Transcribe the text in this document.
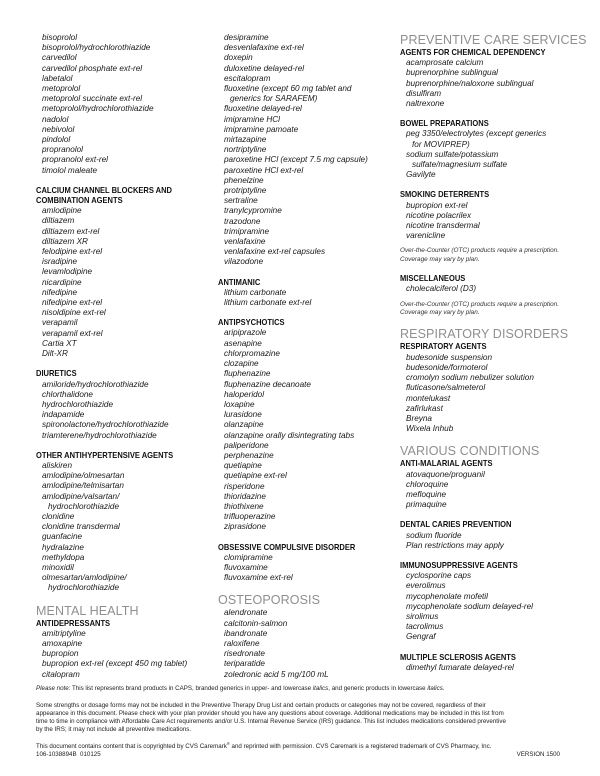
bisoprolol
bisoprolol/hydrochlorothiazide
carvedilol
carvedilol phosphate ext-rel
labetalol
metoprolol
metoprolol succinate ext-rel
metoprolol/hydrochlorothiazide
nadolol
nebivolol
pindolol
propranolol
propranolol ext-rel
timolol maleate
CALCIUM CHANNEL BLOCKERS AND
COMBINATION AGENTS
amlodipine
diltiazem
diltiazem ext-rel
diltiazem XR
felodipine ext-rel
isradipine
levamlodipine
nicardipine
nifedipine
nifedipine ext-rel
nisoldipine ext-rel
verapamil
verapamil ext-rel
Cartia XT
Dilt-XR
DIURETICS
amiloride/hydrochlorothiazide
chlorthalidone
hydrochlorothiazide
indapamide
spironolactone/hydrochlorothiazide
triamterene/hydrochlorothiazide
OTHER ANTIHYPERTENSIVE AGENTS
aliskiren
amlodipine/olmesartan
amlodipine/telmisartan
amlodipine/valsartan/
hydrochlorothiazide
clonidine
clonidine transdermal
guanfacine
hydralazine
methyldopa
minoxidil
olmesartan/amlodipine/
hydrochlorothiazide
MENTAL HEALTH
ANTIDEPRESSANTS
amitriptyline
amoxapine
bupropion
bupropion ext-rel (except 450 mg tablet)
citalopram
desipramine
desvenlafaxine ext-rel
doxepin
duloxetine delayed-rel
escitalopram
fluoxetine (except 60 mg tablet and
generics for SARAFEM)
fluoxetine delayed-rel
imipramine HCl
imipramine pamoate
mirtazapine
nortriptyline
paroxetine HCl (except 7.5 mg capsule)
paroxetine HCl ext-rel
phenelzine
protriptyline
sertraline
tranylcypromine
trazodone
trimipramine
venlafaxine
venlafaxine ext-rel capsules
vilazodone
ANTIMANIC
lithium carbonate
lithium carbonate ext-rel
ANTIPSYCHOTICS
aripiprazole
asenapine
chlorpromazine
clozapine
fluphenazine
fluphenazine decanoate
haloperidol
loxapine
lurasidone
olanzapine
olanzapine orally disintegrating tabs
paliperidone
perphenazine
quetiapine
quetiapine ext-rel
risperidone
thioridazine
thiothixene
trifluoperazine
ziprasidone
OBSESSIVE COMPULSIVE DISORDER
clomipramine
fluvoxamine
fluvoxamine ext-rel
OSTEOPOROSIS
alendronate
calcitonin-salmon
ibandronate
raloxifene
risedronate
teriparatide
zoledronic acid 5 mg/100 mL
PREVENTIVE CARE SERVICES
AGENTS FOR CHEMICAL DEPENDENCY
acamprosate calcium
buprenorphine sublingual
buprenorphine/naloxone sublingual
disulfiram
naltrexone
BOWEL PREPARATIONS
peg 3350/electrolytes (except generics
for MOVIPREP)
sodium sulfate/potassium
sulfate/magnesium sulfate
Gavilyte
SMOKING DETERRENTS
bupropion ext-rel
nicotine polacrilex
nicotine transdermal
varenicline
Over-the-Counter (OTC) products require a prescription.
Coverage may vary by plan.
MISCELLANEOUS
cholecalciferol (D3)
Over-the-Counter (OTC) products require a prescription.
Coverage may vary by plan.
RESPIRATORY DISORDERS
RESPIRATORY AGENTS
budesonide suspension
budesonide/formoterol
cromolyn sodium nebulizer solution
fluticasone/salmeterol
montelukast
zafirlukast
Breyna
Wixela Inhub
VARIOUS CONDITIONS
ANTI-MALARIAL AGENTS
atovaquone/proguanil
chloroquine
mefloquine
primaquine
DENTAL CARIES PREVENTION
sodium fluoride
Plan restrictions may apply
IMMUNOSUPPRESSIVE AGENTS
cyclosporine caps
everolimus
mycophenolate mofetil
mycophenolate sodium delayed-rel
sirolimus
tacrolimus
Gengraf
MULTIPLE SCLEROSIS AGENTS
dimethyl fumarate delayed-rel

Please note: This list represents brand products in CAPS, branded generics in upper- and lowercase italics, and generic products in lowercase italics.

Some strengths or dosage forms may not be included in the Preventive Therapy Drug List and certain products or categories may not be covered, regardless of their

appearance in this document. Please check with your plan provider should you have any questions about coverage. Additional medications may be included in this list from

time to time in compliance with Affordable Care Act requirements and/or U.S. Internal Revenue Service (IRS) guidance. This list includes medications considered preventive

by the IRS; it may not include all preventive medications.

This document contains content that is copyrighted by CVS Caremark® and reprinted with permission. CVS Caremark is a registered trademark of CVS Pharmacy, Inc.

106-1038894B  010125	VERSION 1500
